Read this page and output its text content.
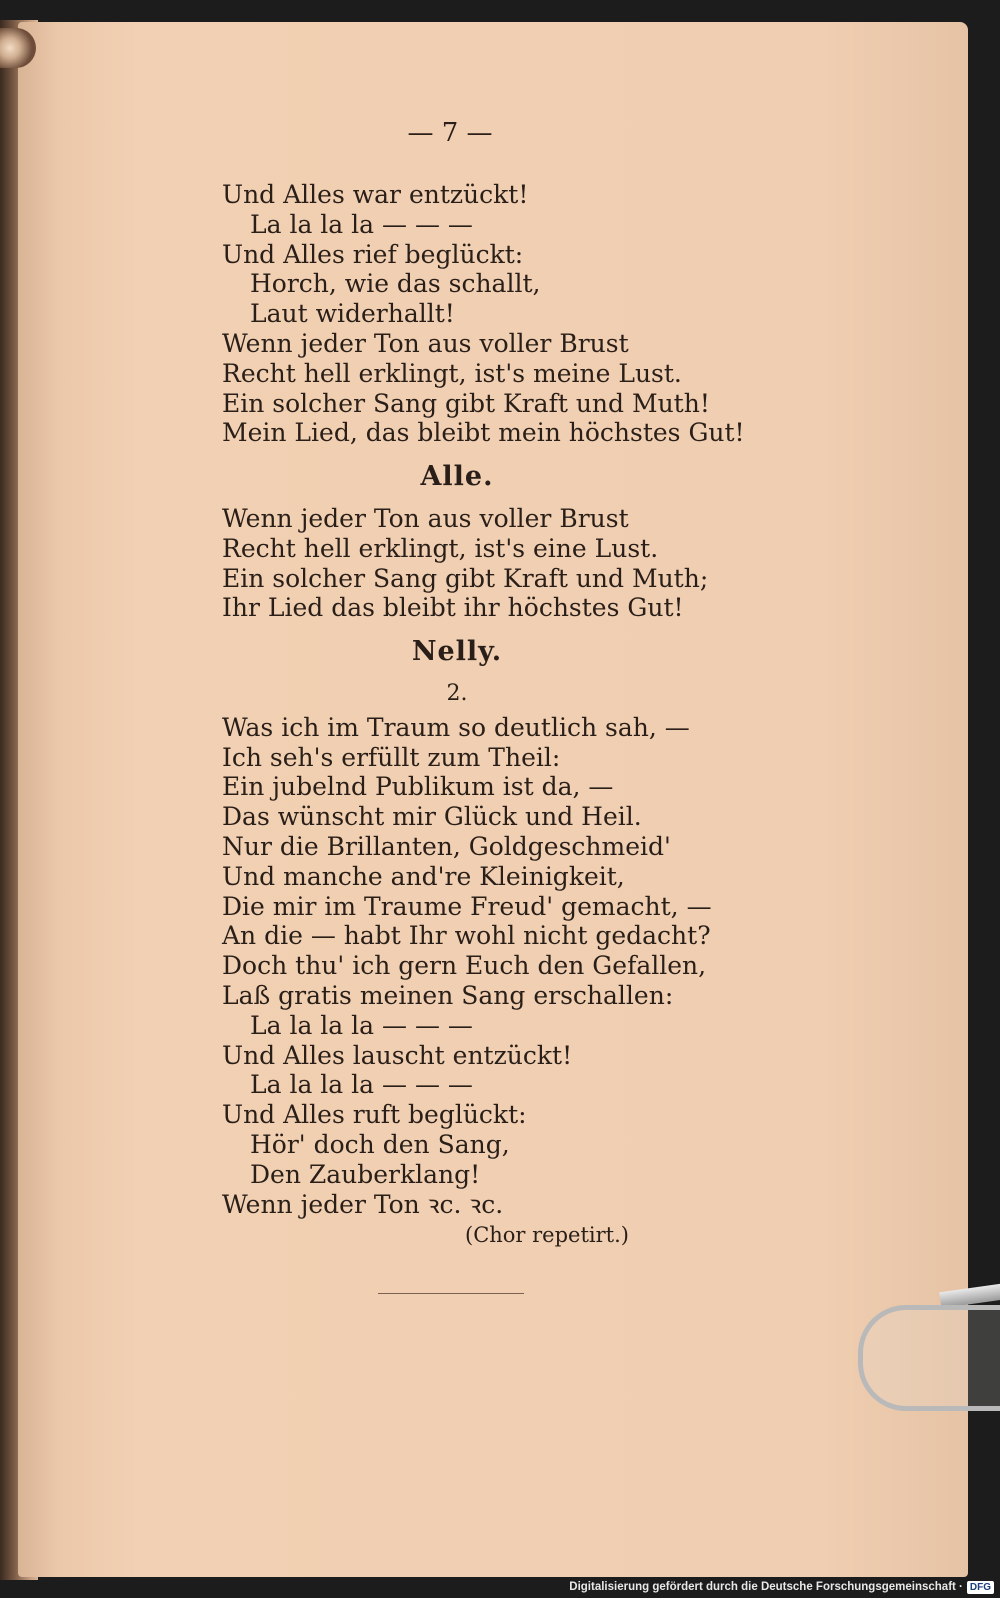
— 7 —
Und Alles war entzückt!
La la la la — — —
Und Alles rief beglückt:
Horch, wie das schallt,
Laut widerhallt!
Wenn jeder Ton aus voller Brust
Recht hell erklingt, ist's meine Lust.
Ein solcher Sang gibt Kraft und Muth!
Mein Lied, das bleibt mein höchstes Gut!
Alle.
Wenn jeder Ton aus voller Brust
Recht hell erklingt, ist's eine Lust.
Ein solcher Sang gibt Kraft und Muth;
Ihr Lied das bleibt ihr höchstes Gut!
Nelly.
2.
Was ich im Traum so deutlich sah, —
Ich seh's erfüllt zum Theil:
Ein jubelnd Publikum ist da, —
Das wünscht mir Glück und Heil.
Nur die Brillanten, Goldgeschmeid'
Und manche and're Kleinigkeit,
Die mir im Traume Freud' gemacht, —
An die — habt Ihr wohl nicht gedacht?
Doch thu' ich gern Euch den Gefallen,
Laß gratis meinen Sang erschallen:
La la la la — — —
Und Alles lauscht entzückt!
La la la la — — —
Und Alles ruft beglückt:
Hör' doch den Sang,
Den Zauberklang!
Wenn jeder Ton ꝛc. ꝛc.
(Chor repetirt.)
Digitalisierung gefördert durch die Deutsche Forschungsgemeinschaft · DFG
